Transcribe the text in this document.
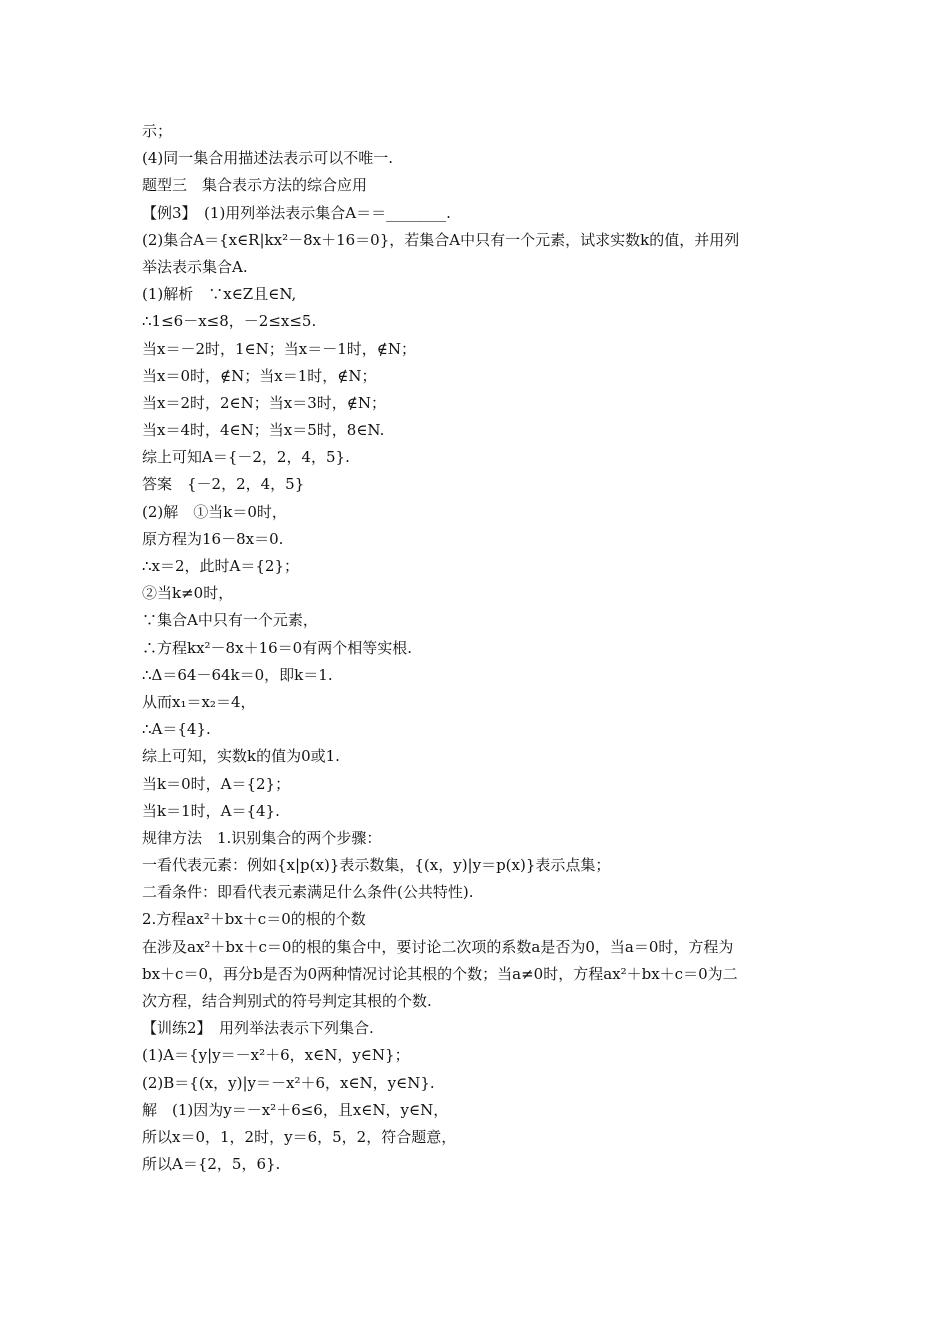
示；
(4)同一集合用描述法表示可以不唯一.
题型三　集合表示方法的综合应用
【例3】　(1)用列举法表示集合A＝＝________.
(2)集合A＝{x∈R|kx²－8x＋16＝0}，若集合A中只有一个元素，试求实数k的值，并用列
举法表示集合A.
(1)解析　∵x∈Z且∈N,
∴1≤6－x≤8，－2≤x≤5.
当x＝－2时，1∈N；当x＝－1时，∉N；
当x＝0时，∉N；当x＝1时，∉N；
当x＝2时，2∈N；当x＝3时，∉N；
当x＝4时，4∈N；当x＝5时，8∈N.
综上可知A＝{－2，2，4，5}.
答案　{－2，2，4，5}
(2)解　①当k＝0时，
原方程为16－8x＝0.
∴x＝2，此时A＝{2}；
②当k≠0时，
∵集合A中只有一个元素，
∴方程kx²－8x＋16＝0有两个相等实根.
∴Δ＝64－64k＝0，即k＝1.
从而x₁＝x₂＝4，
∴A＝{4}.
综上可知，实数k的值为0或1.
当k＝0时，A＝{2}；
当k＝1时，A＝{4}.
规律方法　1.识别集合的两个步骤：
一看代表元素：例如{x|p(x)}表示数集，{(x，y)|y＝p(x)}表示点集；
二看条件：即看代表元素满足什么条件(公共特性).
2.方程ax²＋bx＋c＝0的根的个数
在涉及ax²＋bx＋c＝0的根的集合中，要讨论二次项的系数a是否为0，当a＝0时，方程为
bx＋c＝0，再分b是否为0两种情况讨论其根的个数；当a≠0时，方程ax²＋bx＋c＝0为二
次方程，结合判别式的符号判定其根的个数.
【训练2】　用列举法表示下列集合.
(1)A＝{y|y＝－x²＋6，x∈N，y∈N}；
(2)B＝{(x，y)|y＝－x²＋6，x∈N，y∈N}.
解　(1)因为y＝－x²＋6≤6，且x∈N，y∈N，
所以x＝0，1，2时，y＝6，5，2，符合题意，
所以A＝{2，5，6}.
